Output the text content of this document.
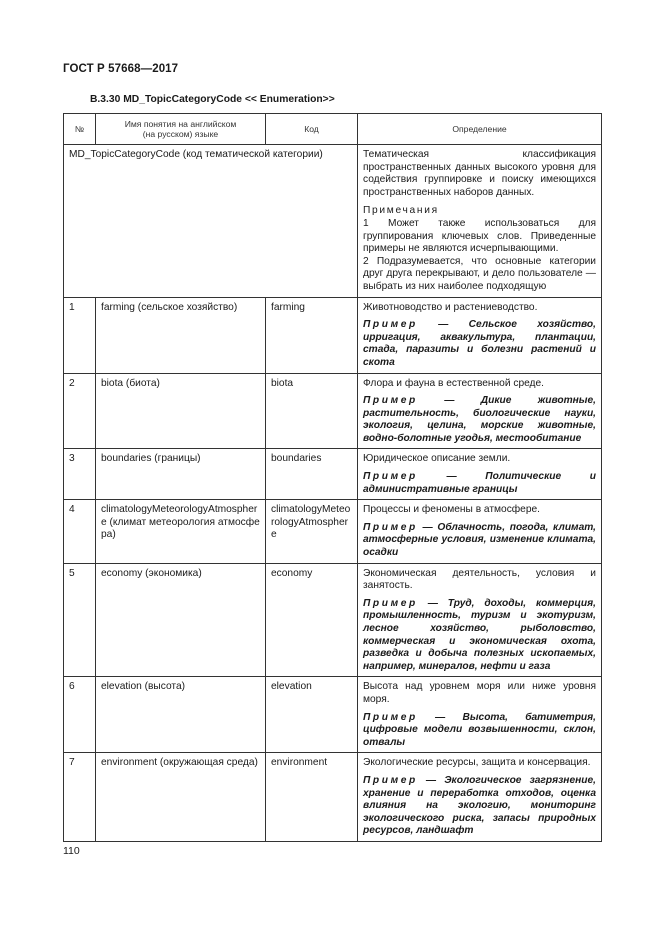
ГОСТ Р 57668—2017
B.3.30 MD_TopicCategoryCode << Enumeration>>
№	Имя понятия на английском
(на русском) языке	Код	Определение
MD_TopicCategoryCode (код тематической категории)			Тематическая классификация пространственных данных высокого уровня для содействия группировке и поиску имеющихся пространственных наборов данных.
Примечания
1 Может также использоваться для группирования ключевых слов. Приведенные примеры не являются исчерпывающими.
2 Подразумевается, что основные категории друг друга перекрывают, и дело пользователе — выбрать из них наиболее подходящую

1	farming (сельское хозяйство)	farming	Животноводство и растениеводство.
Пример — Сельское хозяйство, ирригация, аквакультура, плантации, стада, паразиты и болезни растений и скота

2	biota (биота)	biota	Флора и фауна в естественной среде.
Пример — Дикие животные, растительность, биологические науки, экология, целина, морские животные, водно-болотные угодья, местообитание

3	boundaries (границы)	boundaries	Юридическое описание земли.
Пример — Политические и административные границы

4	climatologyMeteorologyAtmosphere (климат метеорология атмосфера)	climatologyMeteorologyAtmosphere	Процессы и феномены в атмосфере.
Пример — Облачность, погода, климат, атмосферные условия, изменение климата, осадки

5	economy (экономика)	economy	Экономическая деятельность, условия и занятость.
Пример — Труд, доходы, коммерция, промышленность, туризм и экотуризм, лесное хозяйство, рыболовство, коммерческая и экономическая охота, разведка и добыча полезных ископаемых, например, минералов, нефти и газа

6	elevation (высота)	elevation	Высота над уровнем моря или ниже уровня моря.
Пример — Высота, батиметрия, цифровые модели возвышенности, склон, отвалы

7	environment (окружающая среда)	environment	Экологические ресурсы, защита и консервация.
Пример — Экологическое загрязнение, хранение и переработка отходов, оценка влияния на экологию, мониторинг экологического риска, запасы природных ресурсов, ландшафт
110
